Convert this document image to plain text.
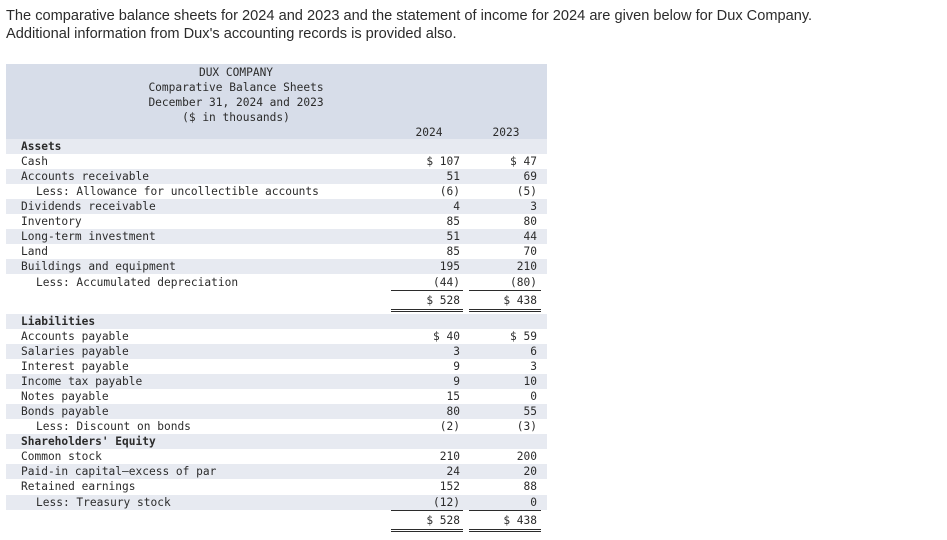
The comparative balance sheets for 2024 and 2023 and the statement of income for 2024 are given below for Dux Company.

Additional information from Dux's accounting records is provided also.

DUX COMPANY
Comparative Balance Sheets
December 31, 2024 and 2023
($ in thousands)
2024	2023
Assets
Cash	$ 107	$ 47
Accounts receivable	51	69
Less: Allowance for uncollectible accounts	(6)	(5)
Dividends receivable	4	3
Inventory	85	80
Long-term investment	51	44
Land	85	70
Buildings and equipment	195	210
Less: Accumulated depreciation	(44)	(80)
$ 528	$ 438
Liabilities
Accounts payable	$ 40	$ 59
Salaries payable	3	6
Interest payable	9	3
Income tax payable	9	10
Notes payable	15	0
Bonds payable	80	55
Less: Discount on bonds	(2)	(3)
Shareholders' Equity
Common stock	210	200
Paid-in capital—excess of par	24	20
Retained earnings	152	88
Less: Treasury stock	(12)	0
$ 528	$ 438
